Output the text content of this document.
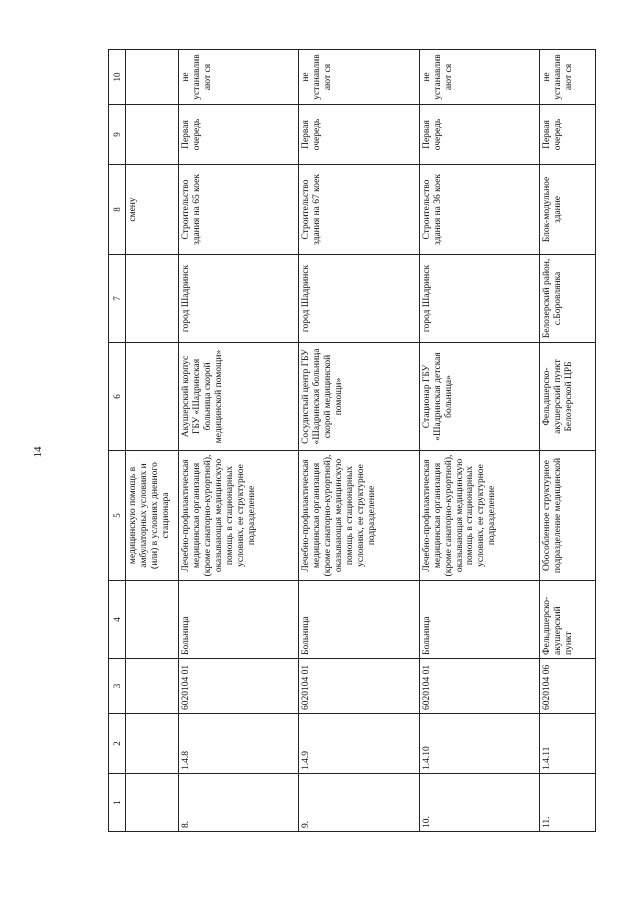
14
1	2	3	4	5	6	7	8	9	10
				медицинскую помощь в амбулаторных условиях и (или) в условиях дневного стационара			смену		
8.	1.4.8	6020104 01	Больница	Лечебно-профилактическая медицинская организация (кроме санаторно-курортной), оказывающая медицинскую помощь в стационарных условиях, ее структурное подразделение	Акушерский корпус ГБУ «Шадринская больница скорой медицинской помощи»	город Шадринск	Строительство здания на 65 коек	Первая очередь	не устанавливают ся
9.	1.4.9	6020104 01	Больница	Лечебно-профилактическая медицинская организация (кроме санаторно-курортной), оказывающая медицинскую помощь в стационарных условиях, ее структурное подразделение	Сосудистый центр ГБУ «Шадринская больница скорой медицинской помощи»	город Шадринск	Строительство здания на 67 коек	Первая очередь	не устанавливают ся
10.	1.4.10	6020104 01	Больница	Лечебно-профилактическая медицинская организация (кроме санаторно-курортной), оказывающая медицинскую помощь в стационарных условиях, ее структурное подразделение	Стационар ГБУ «Шадринская детская больница»	город Шадринск	Строительство здания на 36 коек	Первая очередь	не устанавливают ся
11.	1.4.11	6020104 06	Фельдшерско-акушерский пункт	Обособленное структурное подразделение медицинской	Фельдшерско-акушерский пункт Белозерской ЦРБ	Белозерский район, с.Боровлянка	Блок-модульное здание	Первая очередь	не устанавливают ся
